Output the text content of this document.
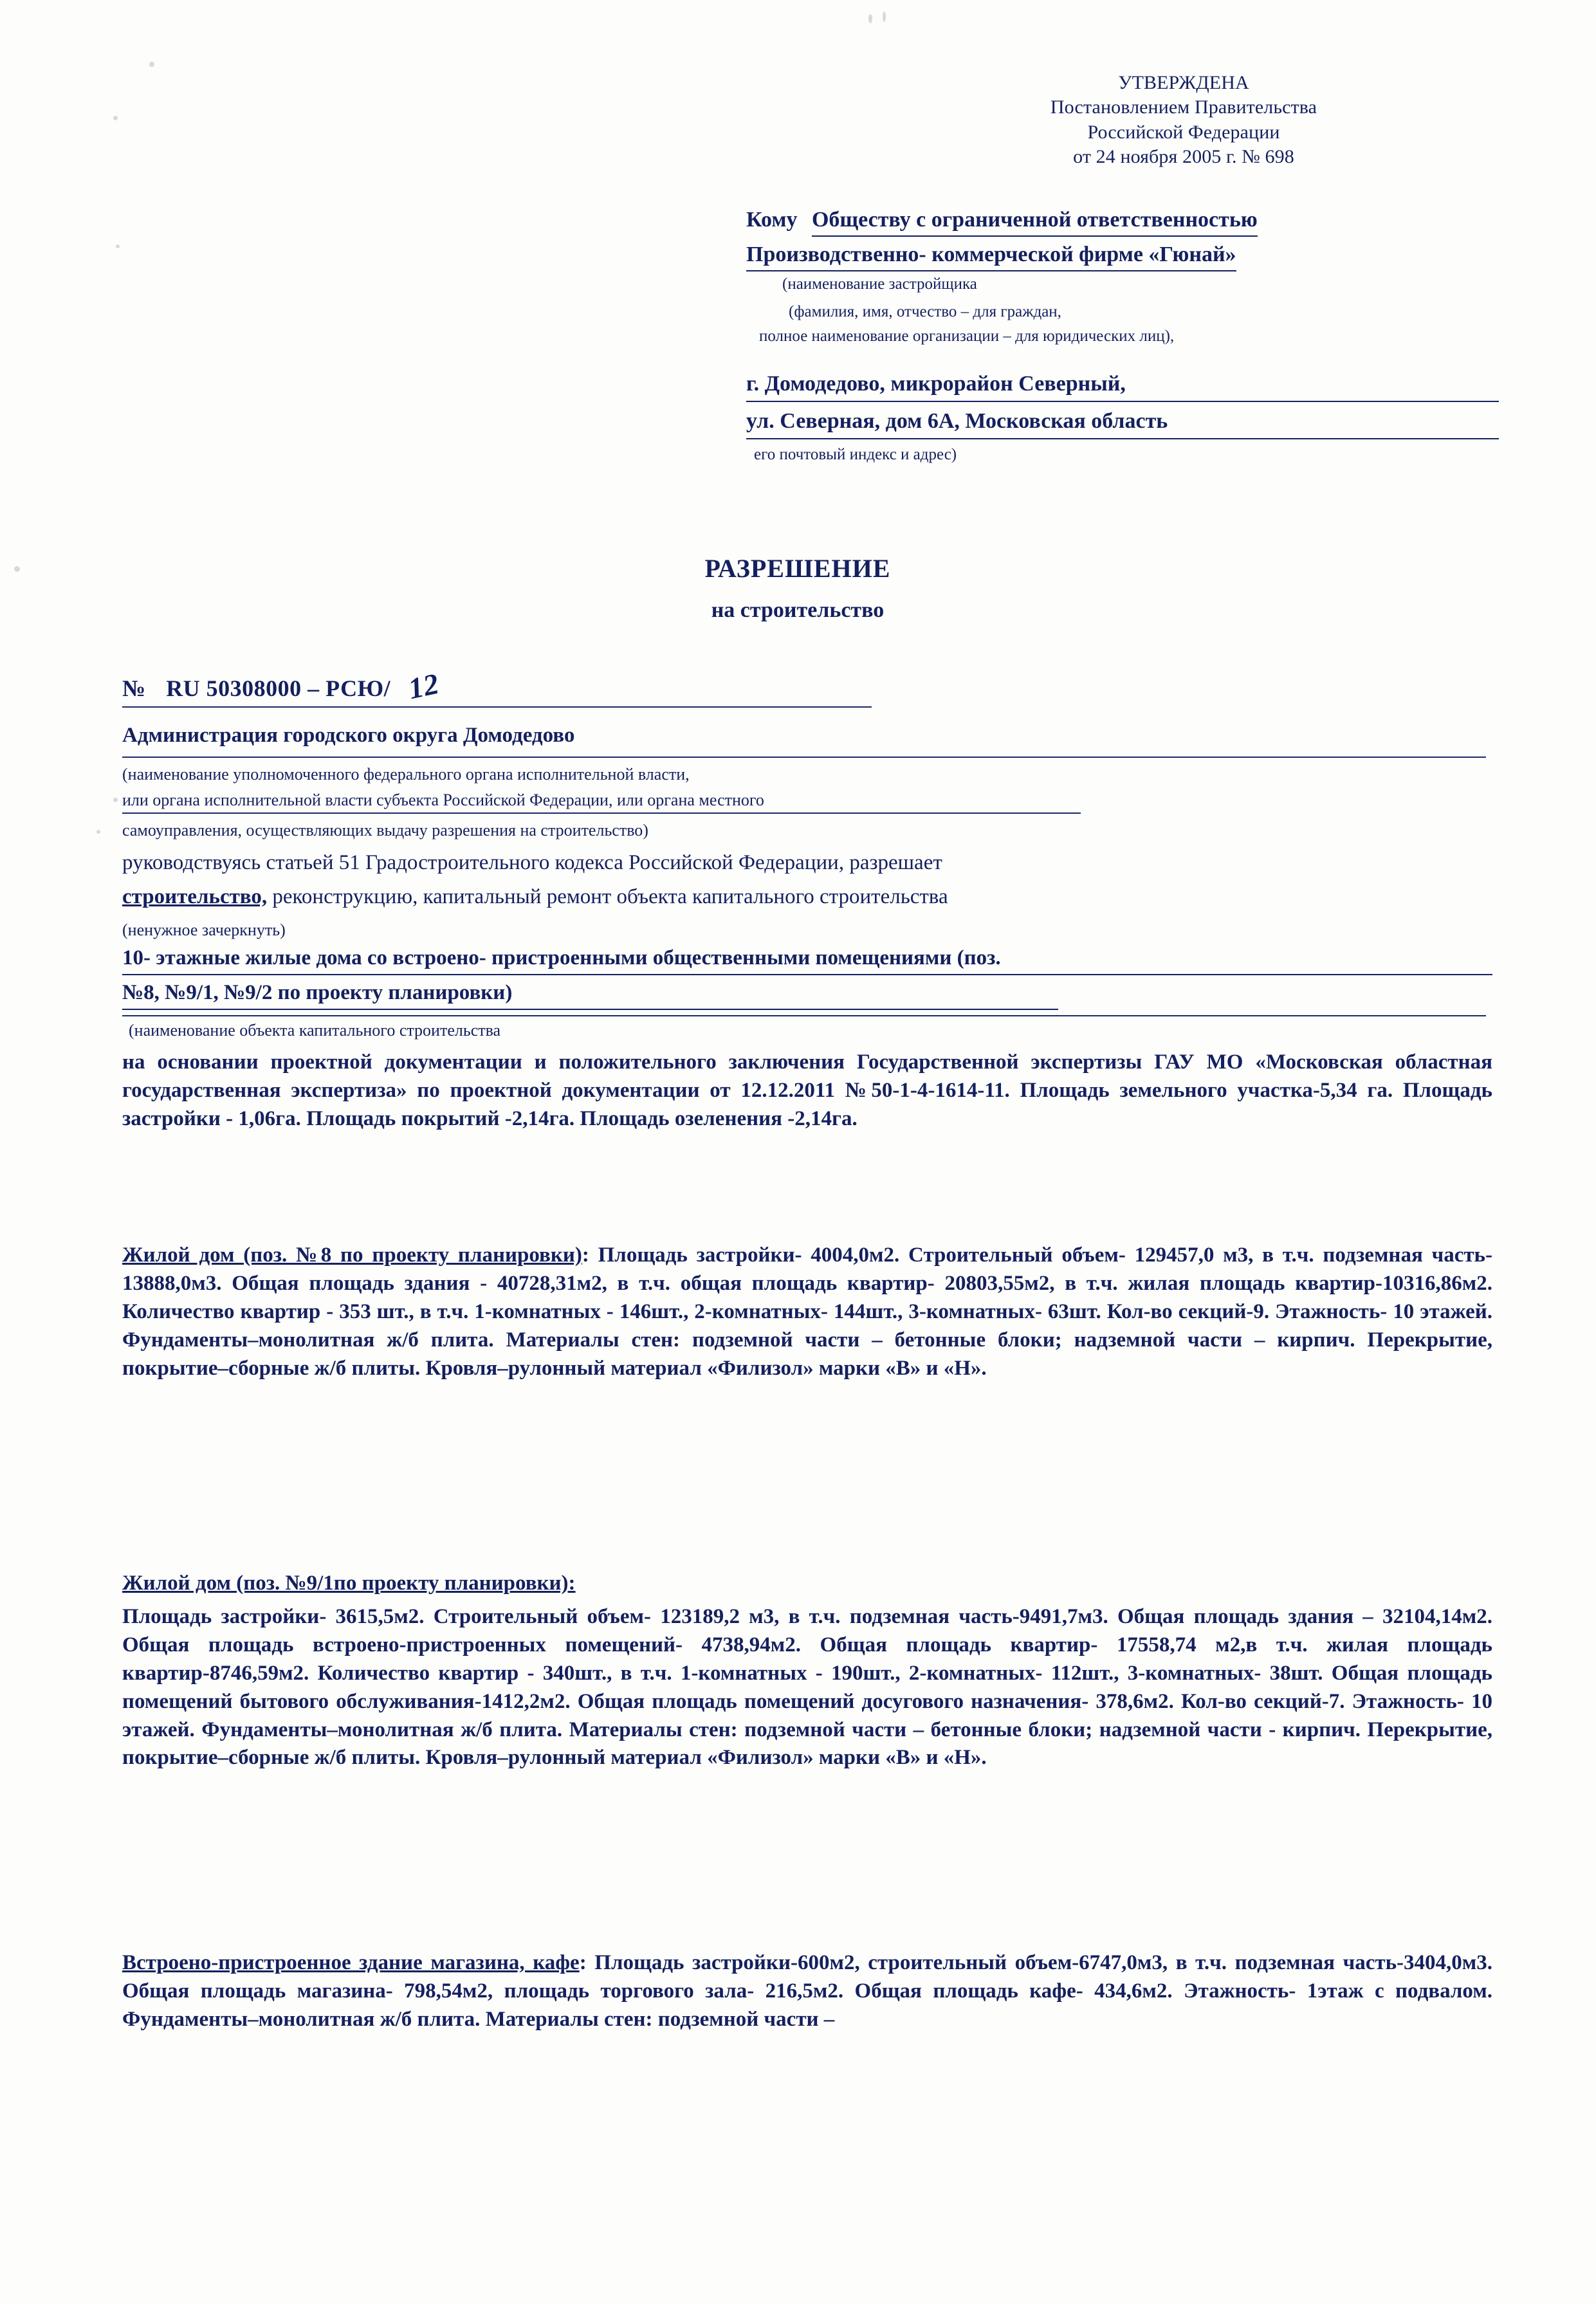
УТВЕРЖДЕНА
Постановлением Правительства
Российской Федерации
от 24 ноября 2005 г. № 698
Кому Обществу с ограниченной ответственностью
Производственно- коммерческой фирме «Гюнай»
(наименование застройщика
(фамилия, имя, отчество – для граждан,
полное наименование организации – для юридических лиц),
г. Домодедово, микрорайон Северный,
ул. Северная, дом 6А, Московская область
его почтовый индекс и адрес)
РАЗРЕШЕНИЕ
на строительство
№ RU 50308000 – РСЮ/ 12
Администрация городского округа Домодедово
(наименование уполномоченного федерального органа исполнительной власти,
или органа исполнительной власти субъекта Российской Федерации, или органа местного
самоуправления, осуществляющих выдачу разрешения на строительство)
руководствуясь статьей 51 Градостроительного кодекса Российской Федерации, разрешает
строительство, реконструкцию, капитальный ремонт объекта капитального строительства
(ненужное зачеркнуть)
10- этажные жилые дома со встроено- пристроенными общественными помещениями (поз.
№8, №9/1, №9/2 по проекту планировки)
(наименование объекта капитального строительства
на основании проектной документации и положительного заключения Государственной экспертизы ГАУ МО «Московская областная государственная экспертиза» по проектной документации от 12.12.2011 №50-1-4-1614-11. Площадь земельного участка-5,34 га. Площадь застройки - 1,06га. Площадь покрытий -2,14га. Площадь озеленения -2,14га.
Жилой дом (поз. №8 по проекту планировки): Площадь застройки- 4004,0м2. Строительный объем- 129457,0 м3, в т.ч. подземная часть- 13888,0м3. Общая площадь здания - 40728,31м2, в т.ч. общая площадь квартир- 20803,55м2, в т.ч. жилая площадь квартир-10316,86м2. Количество квартир - 353 шт., в т.ч. 1-комнатных - 146шт., 2-комнатных- 144шт., 3-комнатных- 63шт. Кол-во секций-9. Этажность- 10 этажей. Фундаменты–монолитная ж/б плита. Материалы стен: подземной части – бетонные блоки; надземной части – кирпич. Перекрытие, покрытие–сборные ж/б плиты. Кровля–рулонный материал «Филизол» марки «В» и «Н».
Жилой дом (поз. №9/1по проекту планировки):
Площадь застройки- 3615,5м2. Строительный объем- 123189,2 м3, в т.ч. подземная часть-9491,7м3. Общая площадь здания – 32104,14м2. Общая площадь встроено-пристроенных помещений- 4738,94м2. Общая площадь квартир- 17558,74 м2,в т.ч. жилая площадь квартир-8746,59м2. Количество квартир - 340шт., в т.ч. 1-комнатных - 190шт., 2-комнатных- 112шт., 3-комнатных- 38шт. Общая площадь помещений бытового обслуживания-1412,2м2. Общая площадь помещений досугового назначения- 378,6м2. Кол-во секций-7. Этажность- 10 этажей. Фундаменты–монолитная ж/б плита. Материалы стен: подземной части – бетонные блоки; надземной части - кирпич. Перекрытие, покрытие–сборные ж/б плиты. Кровля–рулонный материал «Филизол» марки «В» и «Н».
Встроено-пристроенное здание магазина, кафе: Площадь застройки-600м2, строительный объем-6747,0м3, в т.ч. подземная часть-3404,0м3. Общая площадь магазина- 798,54м2, площадь торгового зала- 216,5м2. Общая площадь кафе- 434,6м2. Этажность- 1этаж с подвалом. Фундаменты–монолитная ж/б плита. Материалы стен: подземной части –
